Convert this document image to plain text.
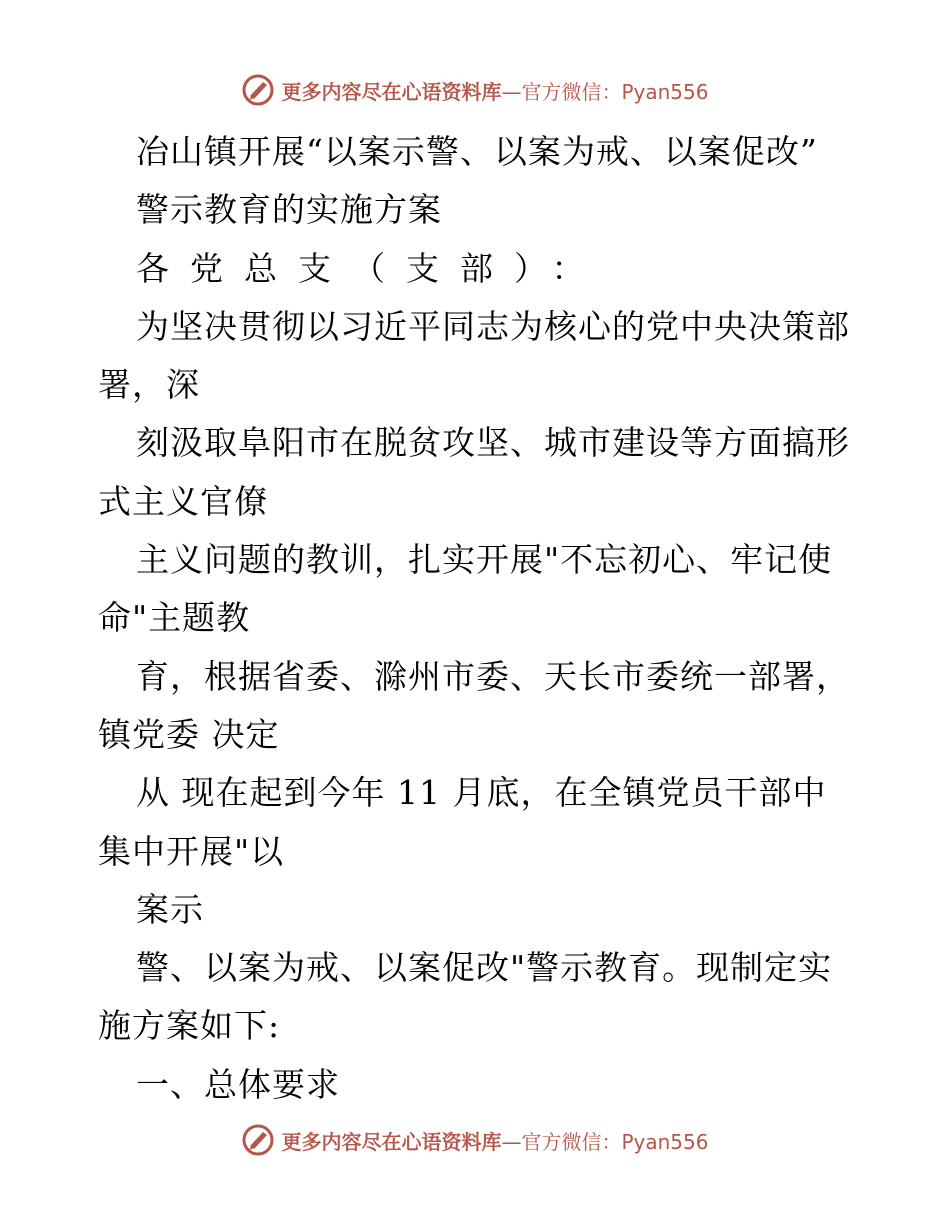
更多内容尽在心语资料库 —官方微信：Pyan556

冶山镇开展“以案示警、以案为戒、以案促改”

警示教育的实施方案

各党总支（支部）：

为坚决贯彻以习近平同志为核心的党中央决策部

署，深

刻汲取阜阳市在脱贫攻坚、城市建设等方面搞形

式主义官僚

主义问题的教训，扎实开展"不忘初心、牢记使

命"主题教

育，根据省委、滁州市委、天长市委统一部署，

镇党委 决定

从 现在起到今年 11 月底，在全镇党员干部中

集中开展"以

案示

警、以案为戒、以案促改"警示教育。现制定实

施方案如下:

一、总体要求

更多内容尽在心语资料库 —官方微信：Pyan556
